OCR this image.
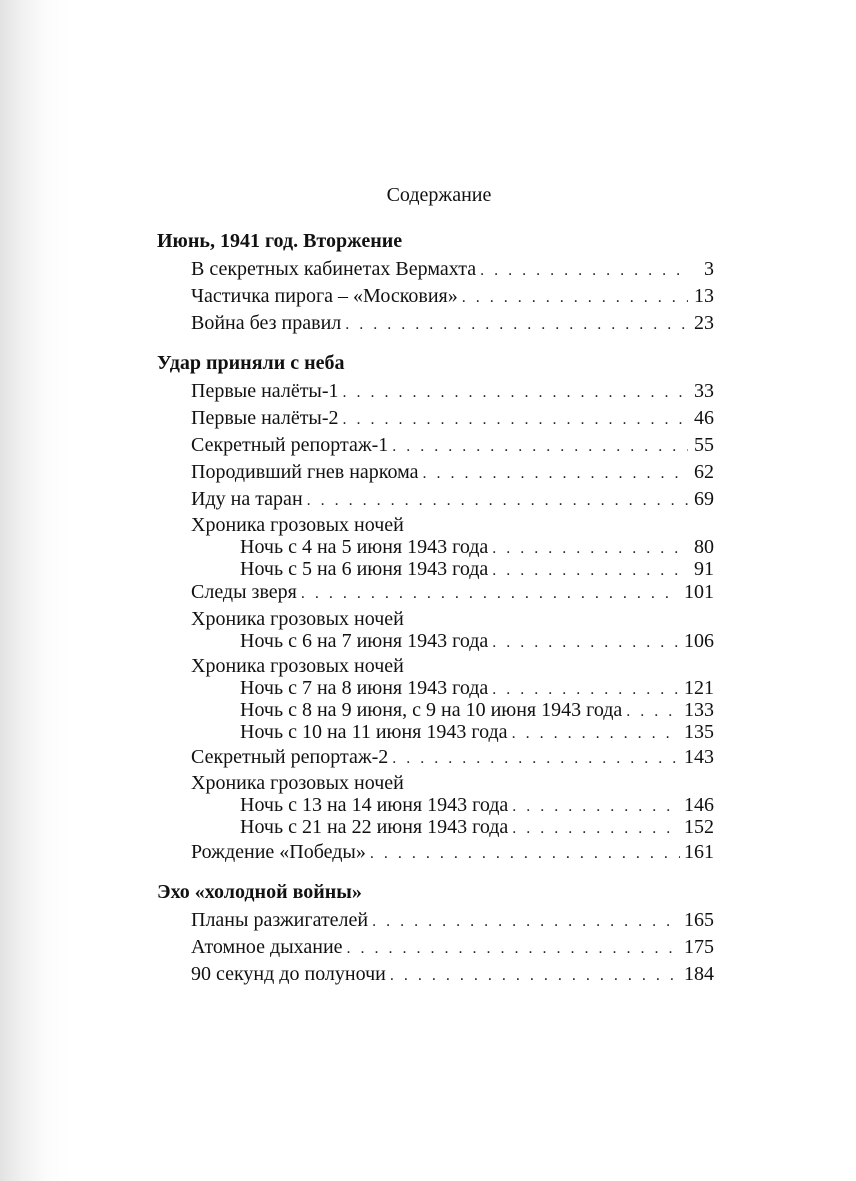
Содержание
Июнь, 1941 год. Вторжение
В секретных кабинетах Вермахта . . .	3
Частичка пирога – «Московия» . . .	13
Война без правил . . .	23
Удар приняли с неба
Первые налёты-1 . . .	33
Первые налёты-2 . . .	46
Секретный репортаж-1 . . .	55
Породивший гнев наркома . . .	62
Иду на таран . . .	69
Хроника грозовых ночей
Ночь с 4 на 5 июня 1943 года . . .	80
Ночь с 5 на 6 июня 1943 года . . .	91
Следы зверя . . .	101
Хроника грозовых ночей
Ночь с 6 на 7 июня 1943 года . . .	106
Хроника грозовых ночей
Ночь с 7 на 8 июня 1943 года . . .	121
Ночь с 8 на 9 июня, с 9 на 10 июня 1943 года . . .	133
Ночь с 10 на 11 июня 1943 года . . .	135
Секретный репортаж-2 . . .	143
Хроника грозовых ночей
Ночь с 13 на 14 июня 1943 года . . .	146
Ночь с 21 на 22 июня 1943 года . . .	152
Рождение «Победы» . . .	161
Эхо «холодной войны»
Планы разжигателей . . .	165
Атомное дыхание . . .	175
90 секунд до полуночи . . .	184
